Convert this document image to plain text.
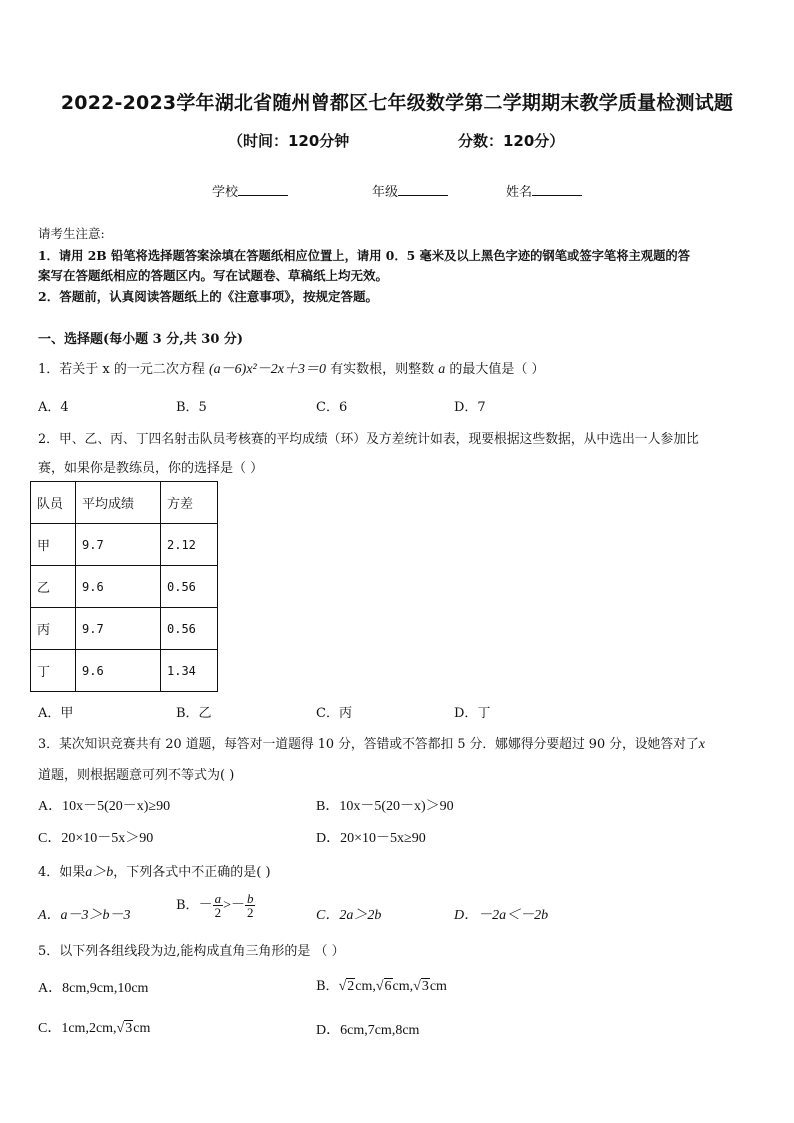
2022-2023学年湖北省随州曾都区七年级数学第二学期期末教学质量检测试题
（时间：120分钟	分数：120分）
学校	年级	姓名
请考生注意:
1．请用 2B 铅笔将选择题答案涂填在答题纸相应位置上，请用 0．5 毫米及以上黑色字迹的钢笔或签字笔将主观题的答
案写在答题纸相应的答题区内。写在试题卷、草稿纸上均无效。
2．答题前，认真阅读答题纸上的《注意事项》，按规定答题。
一、选择题(每小题 3 分,共 30 分)
1．若关于 x 的一元二次方程 (a－6)x²－2x＋3＝0 有实数根，则整数 a 的最大值是（ ）
A．4	B．5	C．6	D．7
2．甲、乙、丙、丁四名射击队员考核赛的平均成绩（环）及方差统计如表，现要根据这些数据，从中选出一人参加比
赛，如果你是教练员，你的选择是（ ）
队员	平均成绩	方差
甲	9.7	2.12
乙	9.6	0.56
丙	9.7	0.56
丁	9.6	1.34
A．甲	B．乙	C．丙	D．丁
3．某次知识竞赛共有 20 道题，每答对一道题得 10 分，答错或不答都扣 5 分．娜娜得分要超过 90 分，设她答对了x
道题，则根据题意可列不等式为( )
A．10x－5(20－x)≥90	B．10x－5(20－x)＞90
C．20×10－5x＞90	D．20×10－5x≥90
4．如果a＞b，下列各式中不正确的是( )
A．a－3＞b－3
B．－ $\frac{a}{2} >- \frac{b}{2}$	C．2a＞2b	D．－2a＜－2b
5．以下列各组线段为边,能构成直角三角形的是 （ ）
A．8cm,9cm,10cm	B．√2cm,√6cm,√3cm
C．1cm,2cm,√3cm	D．6cm,7cm,8cm
